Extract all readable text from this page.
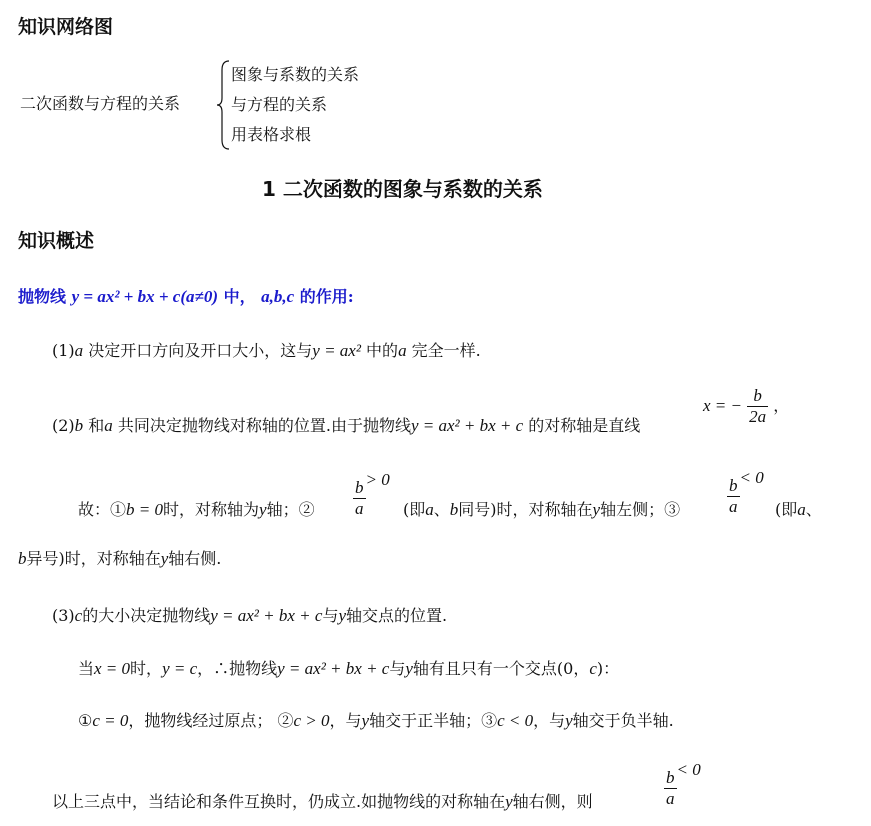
知识网络图
二次函数与方程的关系
图象与系数的关系
与方程的关系
用表格求根
1 二次函数的图象与系数的关系
知识概述
抛物线 y = ax² + bx + c(a≠0) 中， a,b,c 的作用:
(1)a 决定开口方向及开口大小，这与y = ax² 中的a 完全一样.
(2)b 和a 共同决定抛物线对称轴的位置.由于抛物线y = ax² + bx + c 的对称轴是直线
x = − $\frac{b}{2a}$ ，
故：①b = 0时，对称轴为y轴；② $\frac{b}{a} > 0$
(即a、b同号)时，对称轴在y轴左侧；③	$\frac{b}{a} < 0$
(即a、
b异号)时，对称轴在y轴右侧.
(3)c的大小决定抛物线y = ax² + bx + c与y轴交点的位置.
当x = 0时，y = c，∴抛物线y = ax² + bx + c与y轴有且只有一个交点(0，c)：
①c = 0，抛物线经过原点； ②c > 0，与y轴交于正半轴；③c < 0，与y轴交于负半轴.
以上三点中，当结论和条件互换时，仍成立.如抛物线的对称轴在y轴右侧，则	$\frac{b}{a} < 0$
